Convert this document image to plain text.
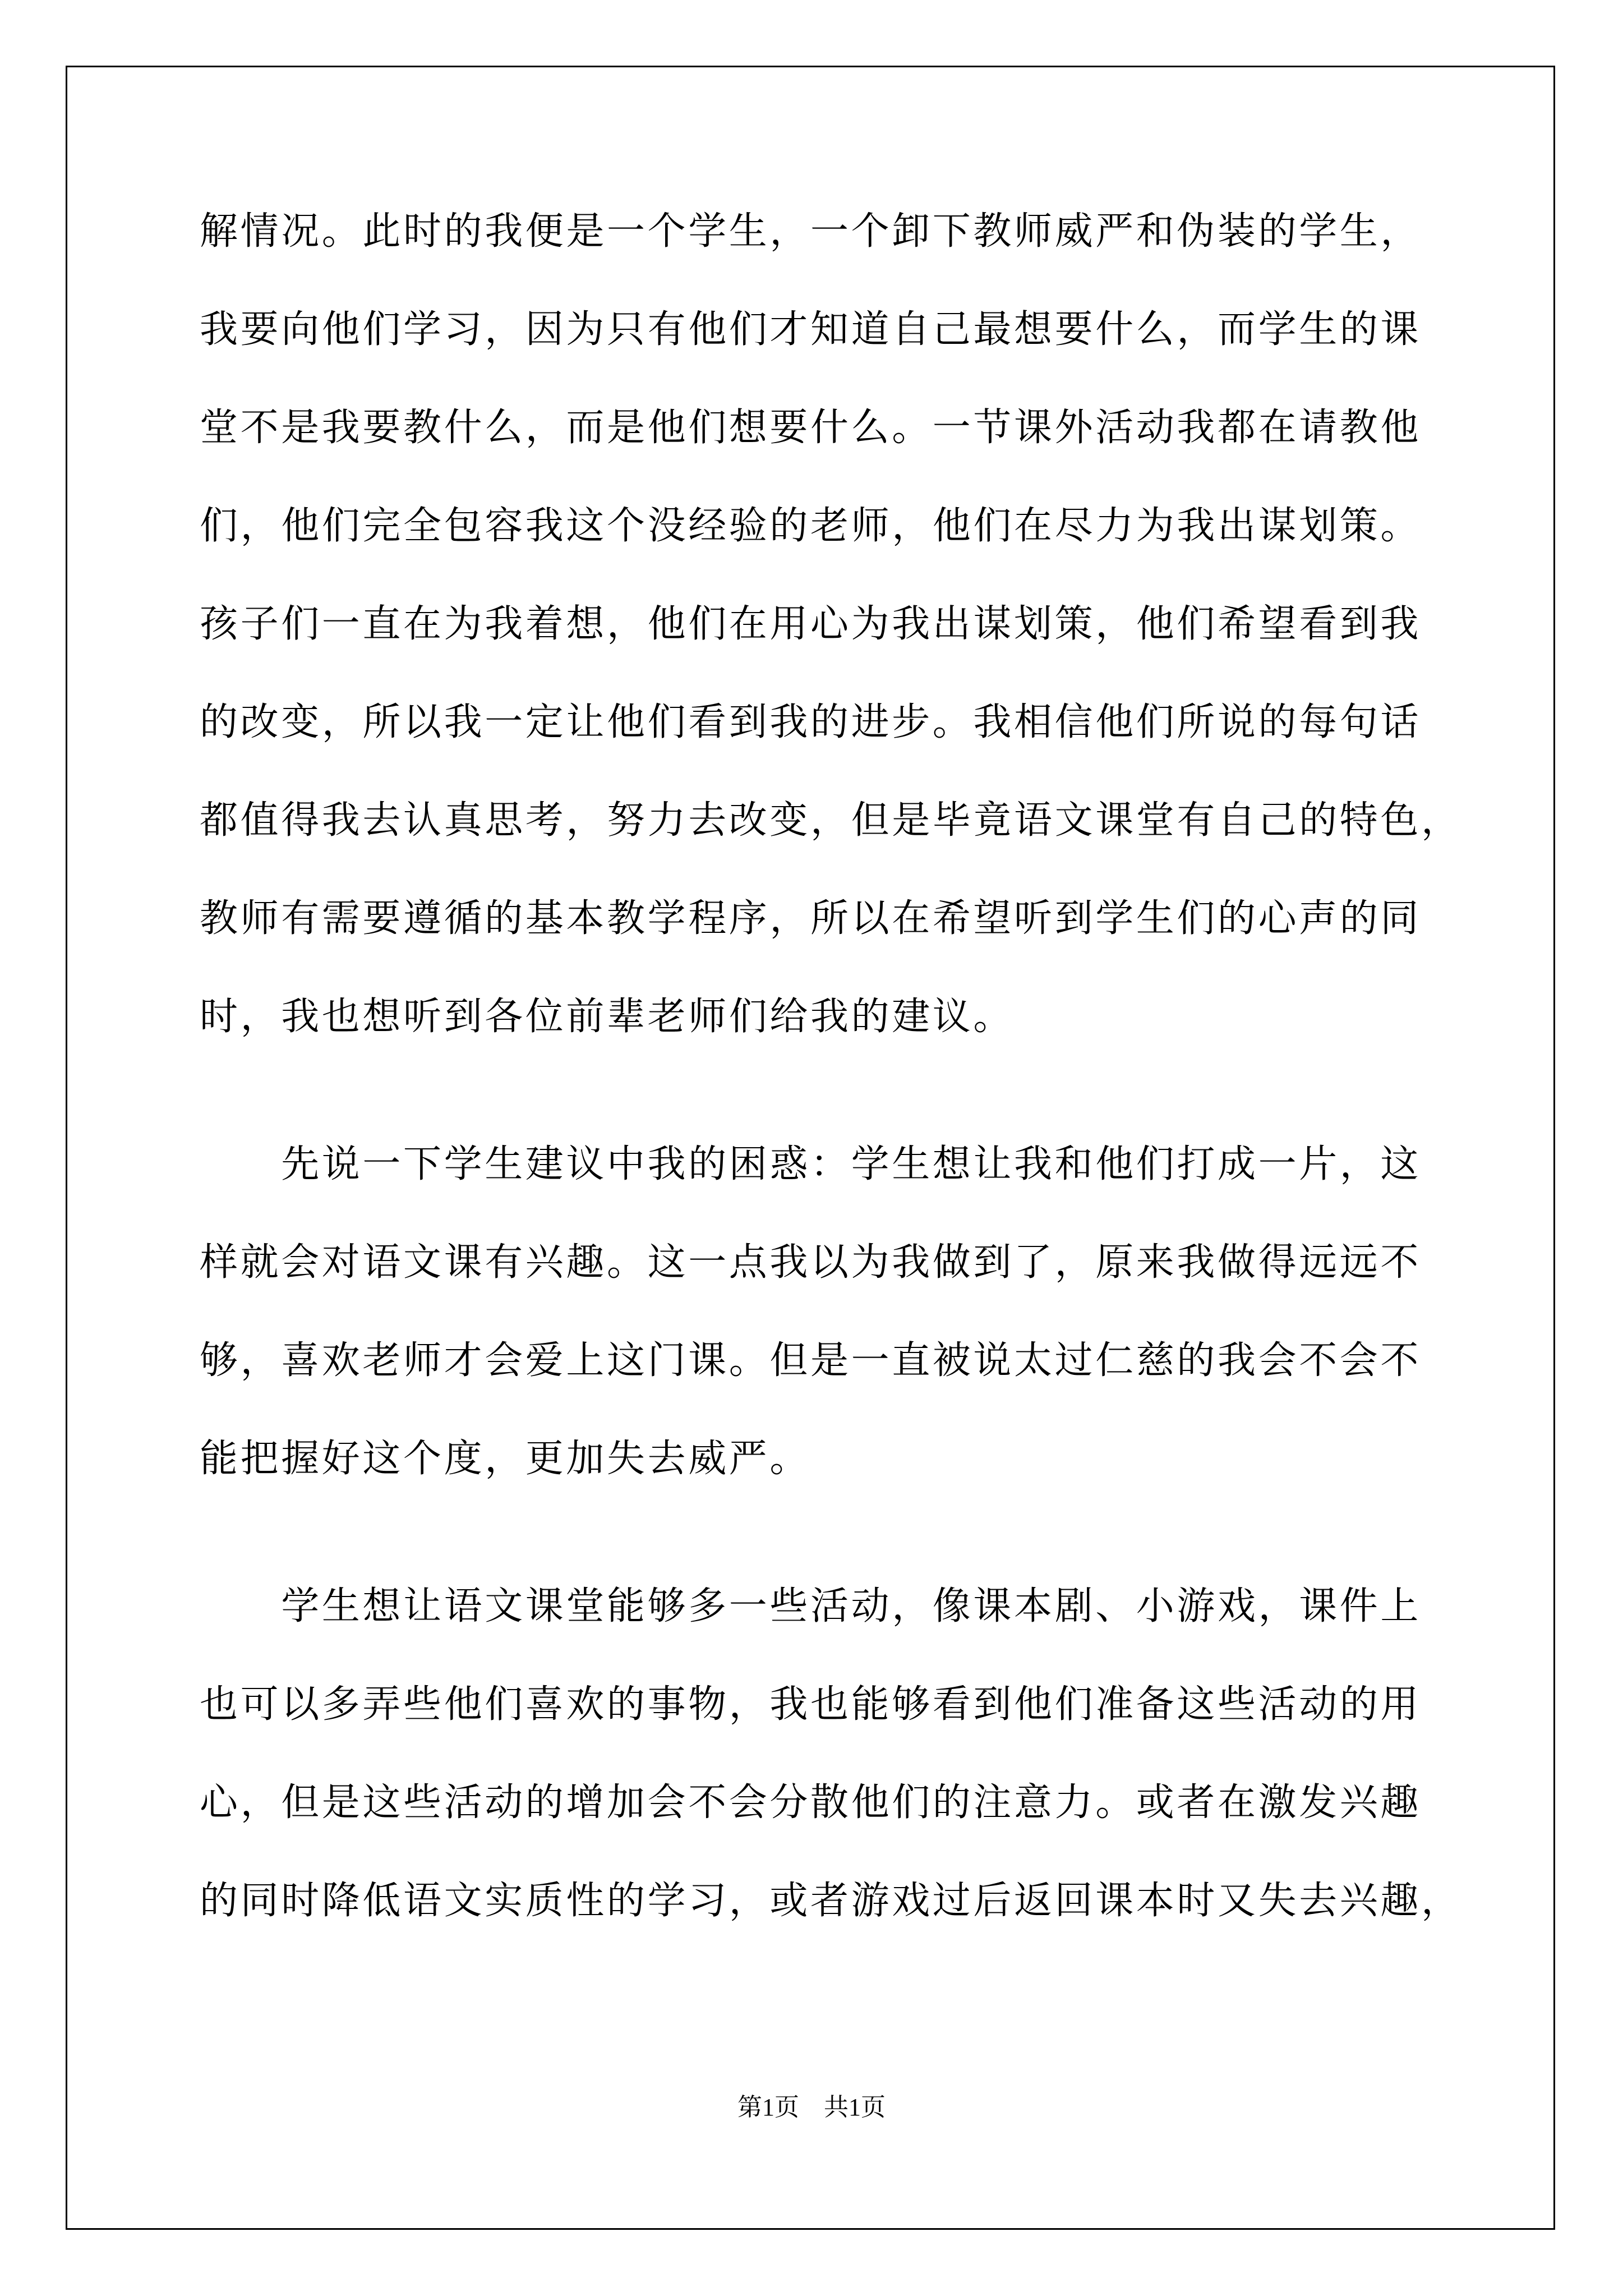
解情况。此时的我便是一个学生，一个卸下教师威严和伪装的学生，
我要向他们学习，因为只有他们才知道自己最想要什么，而学生的课
堂不是我要教什么，而是他们想要什么。一节课外活动我都在请教他
们，他们完全包容我这个没经验的老师，他们在尽力为我出谋划策。
孩子们一直在为我着想，他们在用心为我出谋划策，他们希望看到我
的改变，所以我一定让他们看到我的进步。我相信他们所说的每句话
都值得我去认真思考，努力去改变，但是毕竟语文课堂有自己的特色，
教师有需要遵循的基本教学程序，所以在希望听到学生们的心声的同
时，我也想听到各位前辈老师们给我的建议。
　　先说一下学生建议中我的困惑：学生想让我和他们打成一片，这
样就会对语文课有兴趣。这一点我以为我做到了，原来我做得远远不
够，喜欢老师才会爱上这门课。但是一直被说太过仁慈的我会不会不
能把握好这个度，更加失去威严。
　　学生想让语文课堂能够多一些活动，像课本剧、小游戏，课件上
也可以多弄些他们喜欢的事物，我也能够看到他们准备这些活动的用
心，但是这些活动的增加会不会分散他们的注意力。或者在激发兴趣
的同时降低语文实质性的学习，或者游戏过后返回课本时又失去兴趣，
第1页　共1页
